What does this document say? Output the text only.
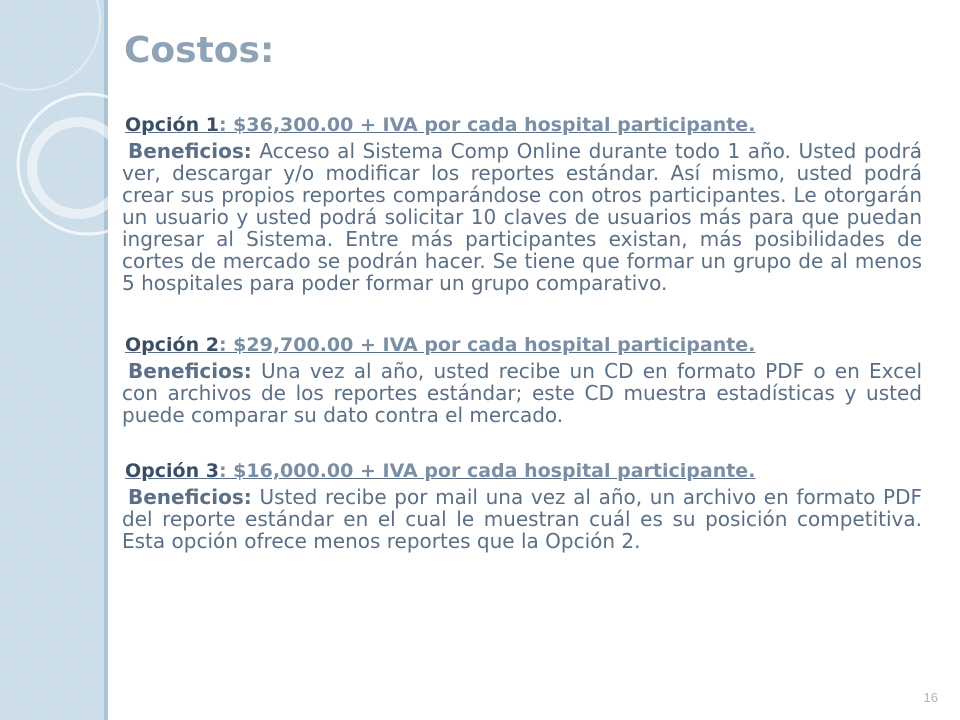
Costos:

Opción 1: $36,300.00 + IVA por cada hospital participante.

Beneficios: Acceso al Sistema Comp Online durante todo 1 año. Usted podrá ver, descargar y/o modificar los reportes estándar. Así mismo, usted podrá crear sus propios reportes comparándose con otros participantes. Le otorgarán un usuario y usted podrá solicitar 10 claves de usuarios más para que puedan ingresar al Sistema. Entre más participantes existan, más posibilidades de cortes de mercado se podrán hacer. Se tiene que formar un grupo de al menos 5 hospitales para poder formar un grupo comparativo.

Opción 2: $29,700.00 + IVA por cada hospital participante.

Beneficios: Una vez al año, usted recibe un CD en formato PDF o en Excel con archivos de los reportes estándar; este CD muestra estadísticas y usted puede comparar su dato contra el mercado.

Opción 3: $16,000.00 + IVA por cada hospital participante.

Beneficios: Usted recibe por mail una vez al año, un archivo en formato PDF del reporte estándar en el cual le muestran cuál es su posición competitiva. Esta opción ofrece menos reportes que la Opción 2.

16
